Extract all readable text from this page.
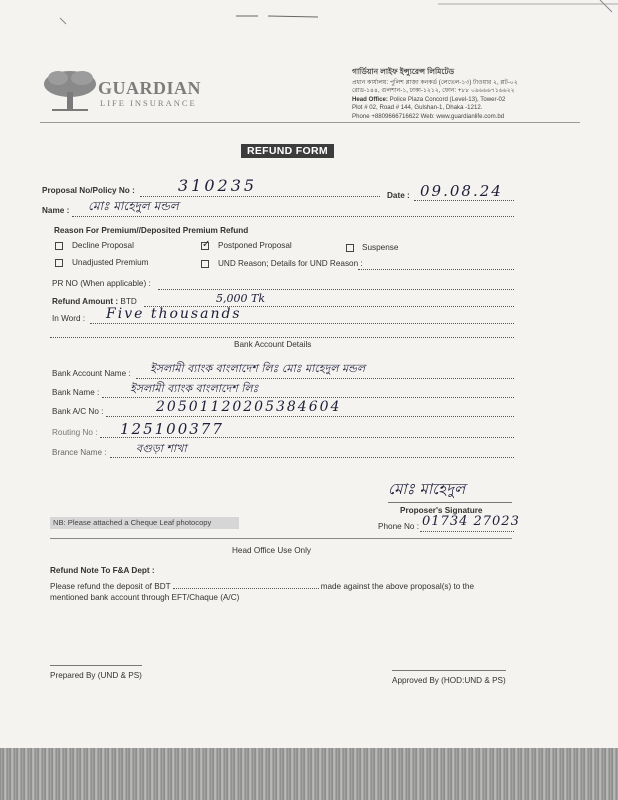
GUARDIAN
LIFE INSURANCE
গার্ডিয়ান লাইফ ইন্স্যুরেন্স লিমিটেড
প্রধান কার্যালয়: পুলিশ প্লাজা কনকর্ড (লেভেল-১৩) টাওয়ার ২, প্লট-০২
রোড-১৪৪, গুলশান-১, ঢাকা-১২১২, ফোন: +৮৮ ০৯৬৬৬৭১৬৬২২
Head Office: Police Plaza Concord (Level-13), Tower-02
Plot # 02, Road # 144, Gulshan-1, Dhaka -1212.
Phone +8809666716622 Web: www.guardianlife.com.bd
REFUND FORM
Proposal No/Policy No :	310235
Date : 09.08.24
Name : মোঃ মাহেদুল মন্ডল
Reason For Premium//Deposited Premium Refund
Decline Proposal
✓	Postponed Proposal	Suspense
Unadjusted Premium	UND Reason; Details for UND Reason :
PR NO (When applicable) :
Refund Amount : BTD	5,000 Tk
In Word : Five thousands
Bank Account Details
Bank Account Name : ইসলামী ব্যাংক বাংলাদেশ লিঃ মোঃ মাহেদুল মন্ডল
Bank Name :	ইসলামী ব্যাংক বাংলাদেশ লিঃ
Bank A/C No :	20501120205384604
Routing No : 125100377
Brance Name :	বগুড়া শাখা
মোঃ মাহেদুল
Proposer's Signature
Phone No : 01734 27023
NB: Please attached a Cheque Leaf photocopy
Head Office Use Only
Refund Note To F&A Dept :

Please refund the deposit of BDT	made against the above proposal(s) to the

mentioned bank account through EFT/Chaque (A/C)

Prepared By (UND & PS)
Approved By (HOD:UND & PS)
